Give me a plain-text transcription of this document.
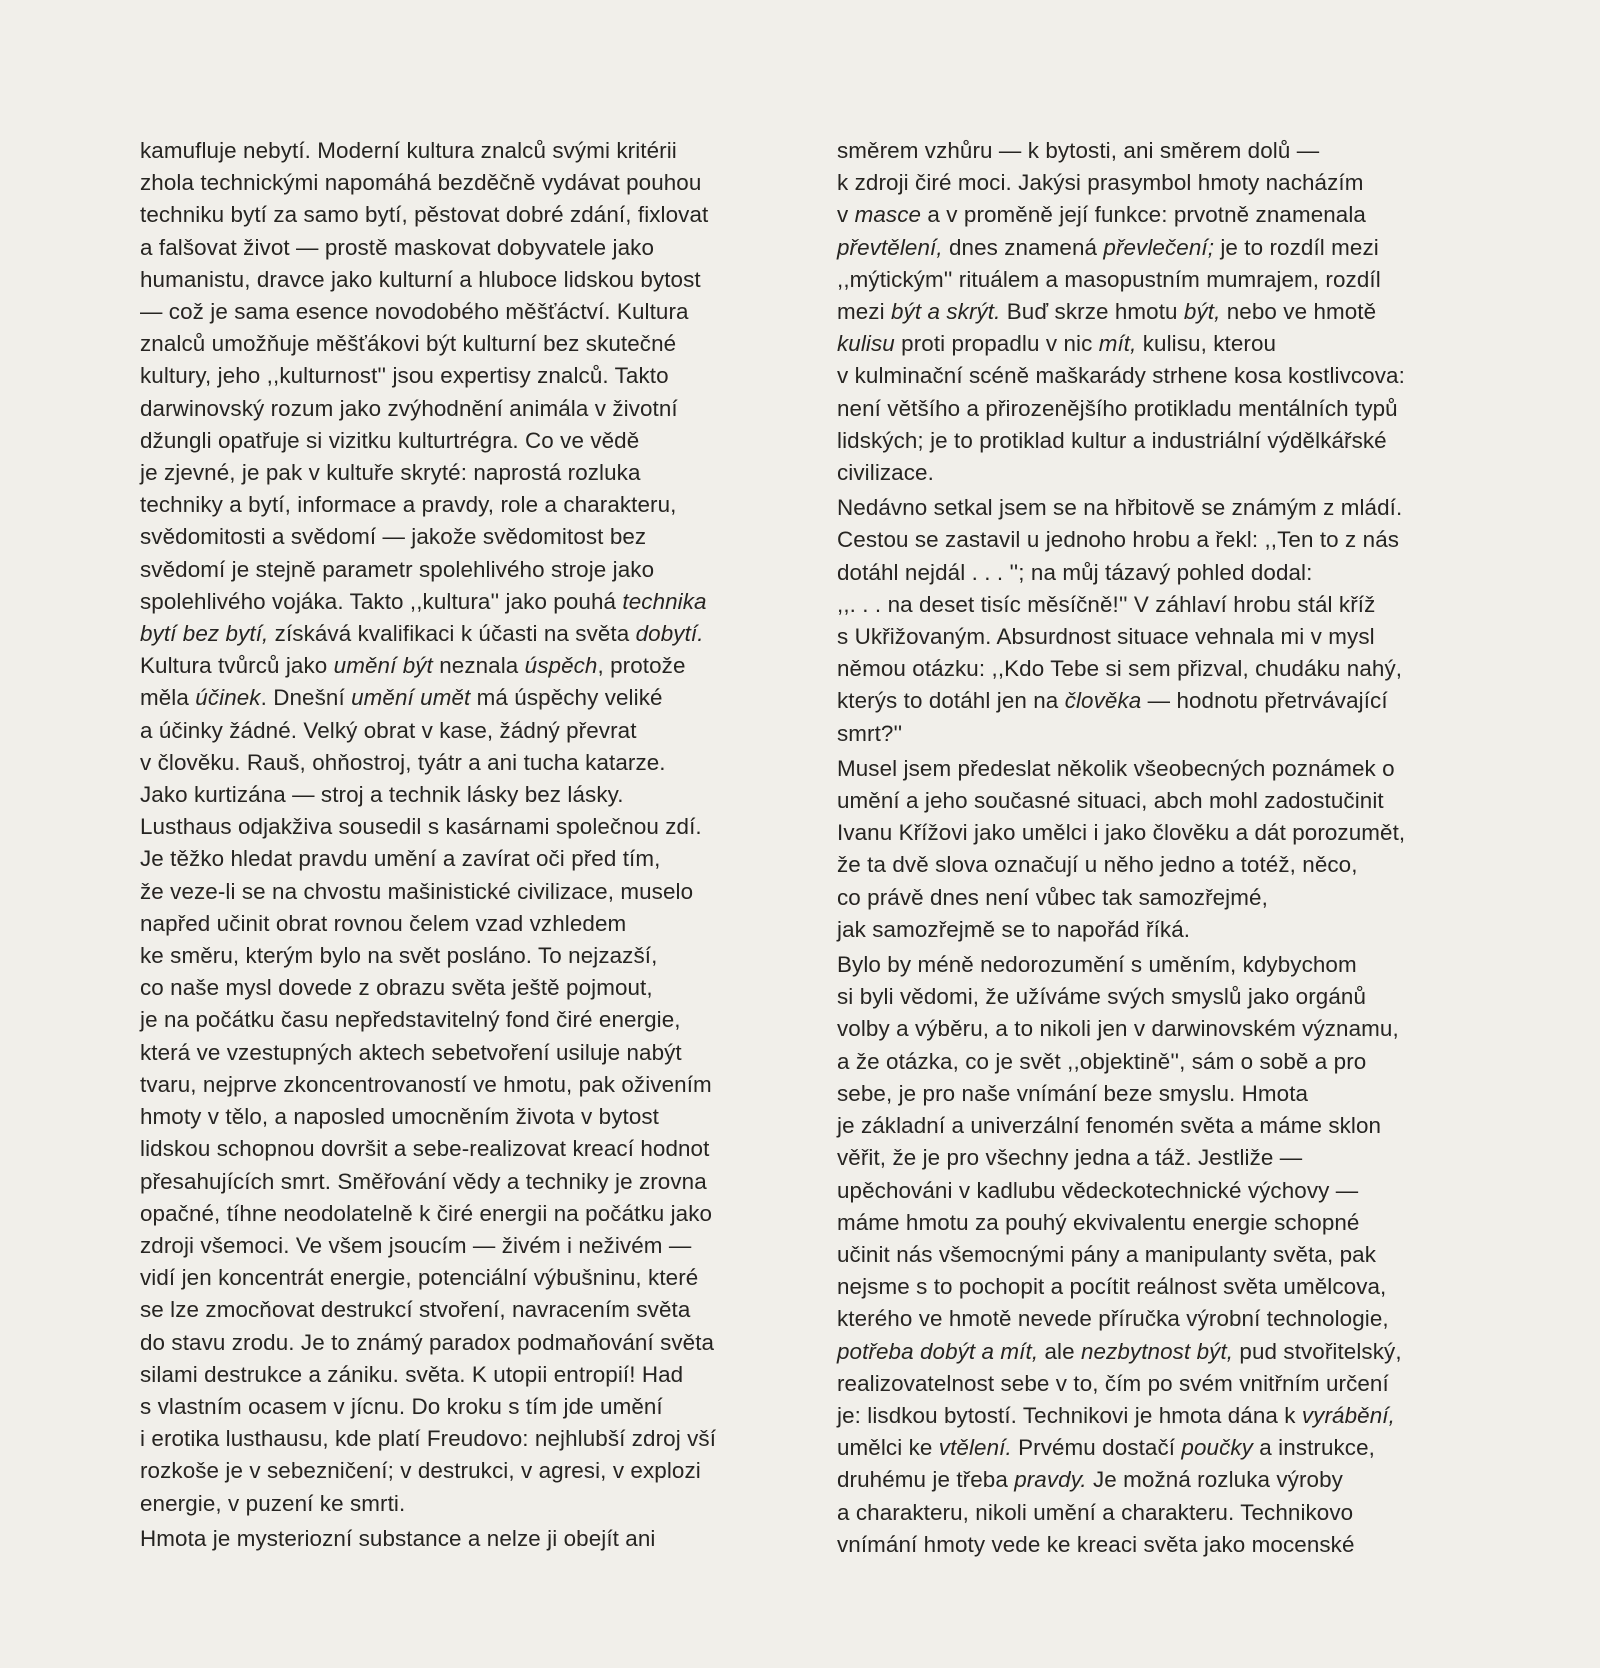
kamufluje nebytí. Moderní kultura znalců svými kritérii
zhola technickými napomáhá bezděčně vydávat pouhou
techniku bytí za samo bytí, pěstovat dobré zdání, fixlovat
a falšovat život — prostě maskovat dobyvatele jako
humanistu, dravce jako kulturní a hluboce lidskou bytost
— což je sama esence novodobého měšťáctví. Kultura
znalců umožňuje měšťákovi být kulturní bez skutečné
kultury, jeho ,,kulturnost'' jsou expertisy znalců. Takto
darwinovský rozum jako zvýhodnění animála v životní
džungli opatřuje si vizitku kulturtrégra. Co ve vědě
je zjevné, je pak v kultuře skryté: naprostá rozluka
techniky a bytí, informace a pravdy, role a charakteru,
svědomitosti a svědomí — jakože svědomitost bez
svědomí je stejně parametr spolehlivého stroje jako
spolehlivého vojáka. Takto ,,kultura'' jako pouhá technika
bytí bez bytí, získává kvalifikaci k účasti na světa dobytí.
Kultura tvůrců jako umění být neznala úspěch, protože
měla účinek. Dnešní umění umět má úspěchy veliké
a účinky žádné. Velký obrat v kase, žádný převrat
v člověku. Rauš, ohňostroj, tyátr a ani tucha katarze.
Jako kurtizána — stroj a technik lásky bez lásky.
Lusthaus odjakživa sousedil s kasárnami společnou zdí.
Je těžko hledat pravdu umění a zavírat oči před tím,
že veze-li se na chvostu mašinistické civilizace, muselo
napřed učinit obrat rovnou čelem vzad vzhledem
ke směru, kterým bylo na svět posláno. To nejzazší,
co naše mysl dovede z obrazu světa ještě pojmout,
je na počátku času nepředstavitelný fond čiré energie,
která ve vzestupných aktech sebetvoření usiluje nabýt
tvaru, nejprve zkoncentrovaností ve hmotu, pak oživením
hmoty v tělo, a naposled umocněním života v bytost
lidskou schopnou dovršit a sebe-realizovat kreací hodnot
přesahujících smrt. Směřování vědy a techniky je zrovna
opačné, tíhne neodolatelně k čiré energii na počátku jako
zdroji všemoci. Ve všem jsoucím — živém i neživém —
vidí jen koncentrát energie, potenciální výbušninu, které
se lze zmocňovat destrukcí stvoření, navracením světa
do stavu zrodu. Je to známý paradox podmaňování světa
silami destrukce a zániku. světa. K utopii entropií! Had
s vlastním ocasem v jícnu. Do kroku s tím jde umění
i erotika lusthausu, kde platí Freudovo: nejhlubší zdroj vší
rozkoše je v sebezničení; v destrukci, v agresi, v explozi
energie, v puzení ke smrti.
Hmota je mysteriozní substance a nelze ji obejít ani
směrem vzhůru — k bytosti, ani směrem dolů —
k zdroji čiré moci. Jakýsi prasymbol hmoty nacházím
v masce a v proměně její funkce: prvotně znamenala
převtělení, dnes znamená převlečení; je to rozdíl mezi
,,mýtickým'' rituálem a masopustním mumrajem, rozdíl
mezi být a skrýt. Buď skrze hmotu být, nebo ve hmotě
kulisu proti propadlu v nic mít, kulisu, kterou
v kulminační scéně maškarády strhene kosa kostlivcova:
není většího a přirozenějšího protikladu mentálních typů
lidských; je to protiklad kultur a industriální výdělkářské
civilizace.
Nedávno setkal jsem se na hřbitově se známým z mládí.
Cestou se zastavil u jednoho hrobu a řekl: ,,Ten to z nás
dotáhl nejdál . . . ''; na můj tázavý pohled dodal:
,,. . . na deset tisíc měsíčně!'' V záhlaví hrobu stál kříž
s Ukřižovaným. Absurdnost situace vehnala mi v mysl
němou otázku: ,,Kdo Tebe si sem přizval, chudáku nahý,
kterýs to dotáhl jen na člověka — hodnotu přetrvávající
smrt?''
Musel jsem předeslat několik všeobecných poznámek o
umění a jeho současné situaci, abch mohl zadostučinit
Ivanu Křížovi jako umělci i jako člověku a dát porozumět,
že ta dvě slova označují u něho jedno a totéž, něco,
co právě dnes není vůbec tak samozřejmé,
jak samozřejmě se to napořád říká.
Bylo by méně nedorozumění s uměním, kdybychom
si byli vědomi, že užíváme svých smyslů jako orgánů
volby a výběru, a to nikoli jen v darwinovském významu,
a že otázka, co je svět ,,objektině'', sám o sobě a pro
sebe, je pro naše vnímání beze smyslu. Hmota
je základní a univerzální fenomén světa a máme sklon
věřit, že je pro všechny jedna a táž. Jestliže —
upěchováni v kadlubu vědeckotechnické výchovy —
máme hmotu za pouhý ekvivalentu energie schopné
učinit nás všemocnými pány a manipulanty světa, pak
nejsme s to pochopit a pocítit reálnost světa umělcova,
kterého ve hmotě nevede příručka výrobní technologie,
potřeba dobýt a mít, ale nezbytnost být, pud stvořitelský,
realizovatelnost sebe v to, čím po svém vnitřním určení
je: lisdkou bytostí. Technikovi je hmota dána k vyrábění,
umělci ke vtělení. Prvému dostačí poučky a instrukce,
druhému je třeba pravdy. Je možná rozluka výroby
a charakteru, nikoli umění a charakteru. Technikovo
vnímání hmoty vede ke kreaci světa jako mocenské
